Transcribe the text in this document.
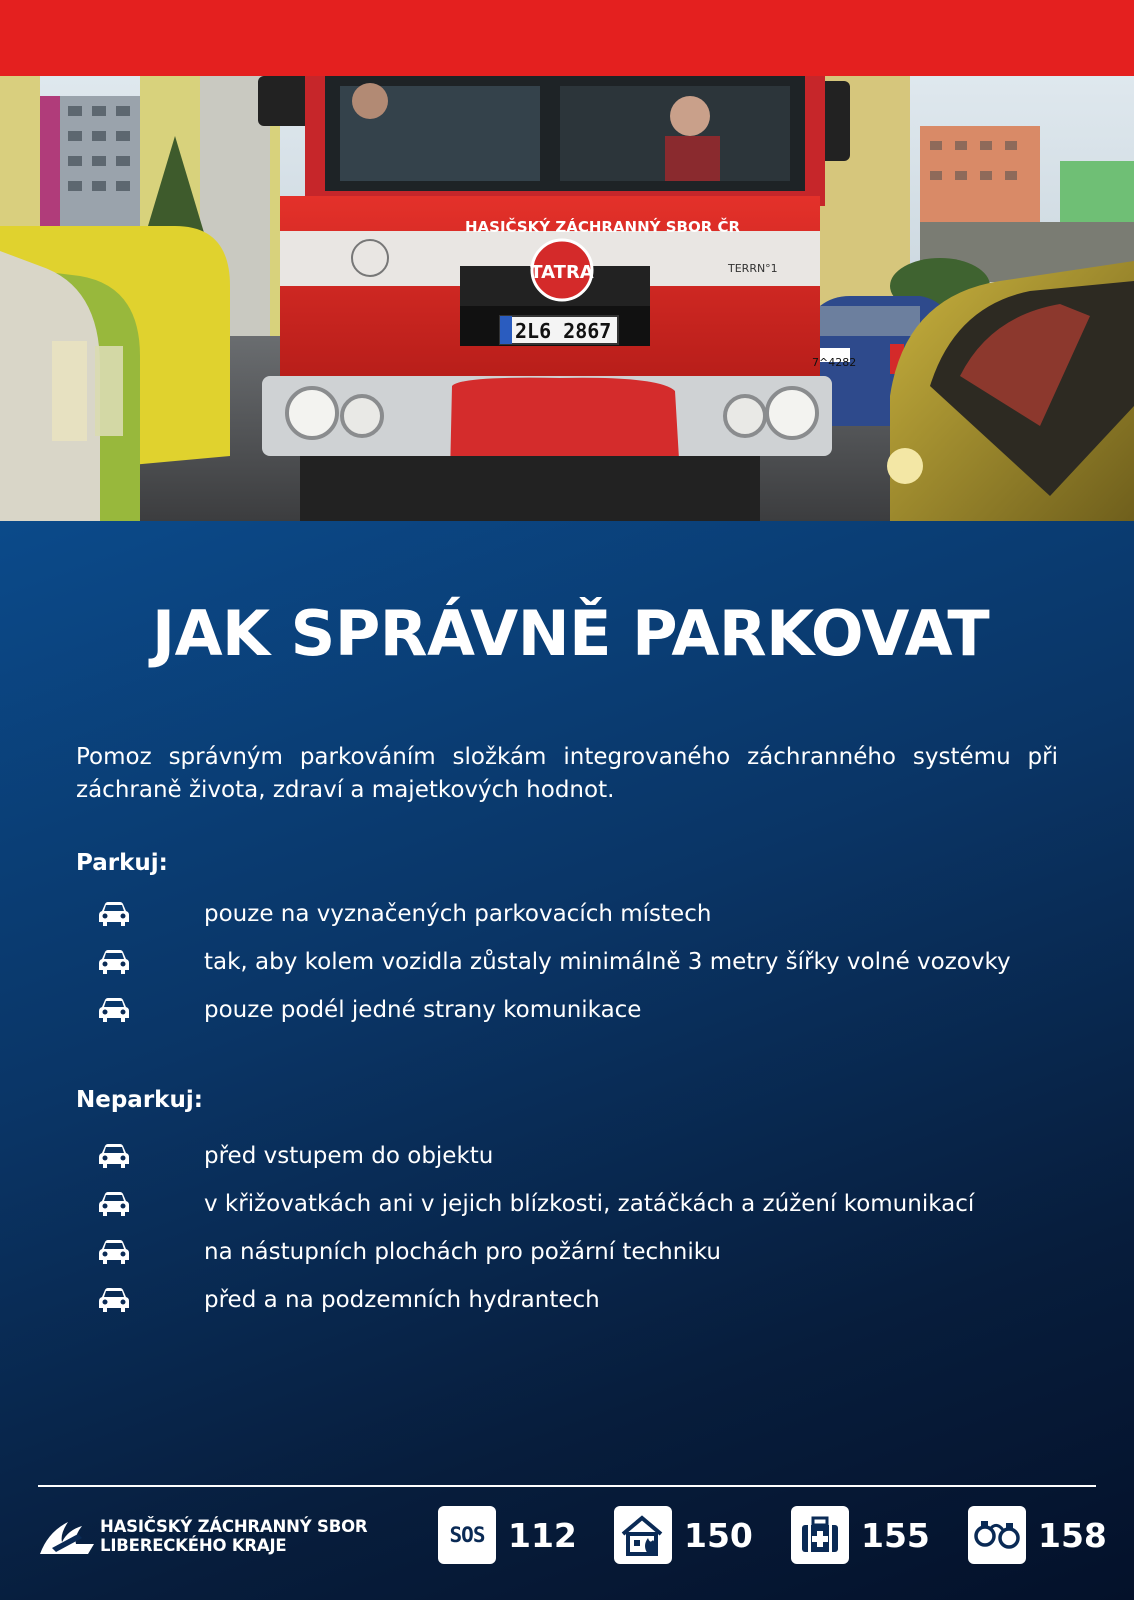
HASIČSKÝ ZÁCHRANNÝ SBOR ČR
TATRA	TERRN°1
2L6 2867
7^4282
JAK SPRÁVNĚ PARKOVAT

Pomoz správným parkováním složkám integrovaného záchranného systému při záchraně života, zdraví a majetkových hodnot.

Parkuj:
pouze na vyznačených parkovacích místech
tak, aby kolem vozidla zůstaly minimálně 3 metry šířky volné vozovky
pouze podél jedné strany komunikace
Neparkuj:
před vstupem do objektu
v křižovatkách ani v jejich blízkosti, zatáčkách a zúžení komunikací
na nástupních plochách pro požární techniku
před a na podzemních hydrantech
HASIČSKÝ ZÁCHRANNÝ SBOR
LIBERECKÉHO KRAJE	SOS 112	150	155	158
